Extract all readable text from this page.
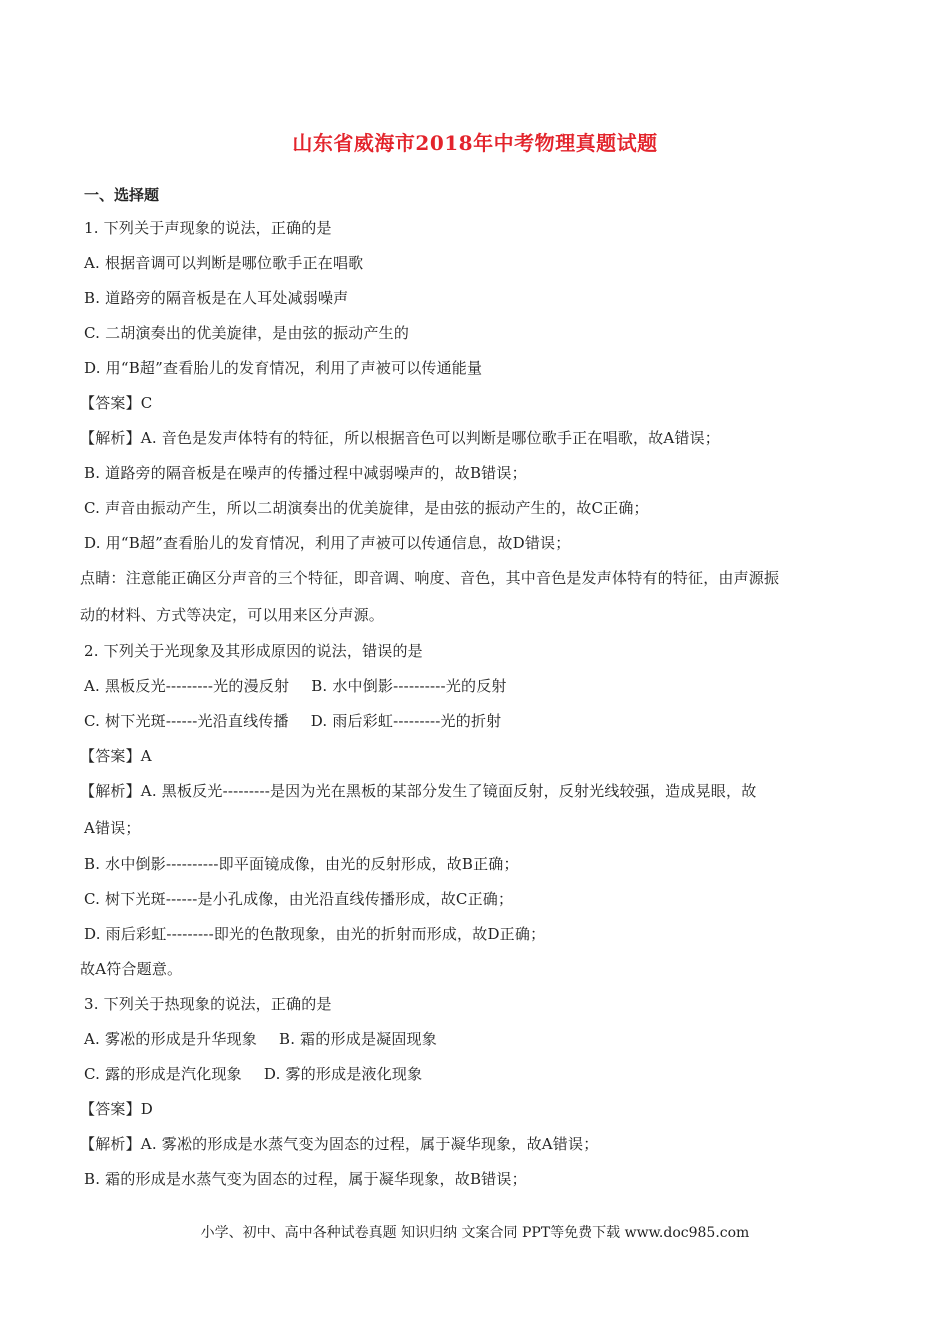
山东省威海市2018年中考物理真题试题
一、选择题
1. 下列关于声现象的说法，正确的是
A. 根据音调可以判断是哪位歌手正在唱歌
B. 道路旁的隔音板是在人耳处减弱噪声
C. 二胡演奏出的优美旋律，是由弦的振动产生的
D. 用“B超”查看胎儿的发育情况，利用了声被可以传通能量
【答案】C
【解析】A. 音色是发声体特有的特征，所以根据音色可以判断是哪位歌手正在唱歌，故A错误；
B. 道路旁的隔音板是在噪声的传播过程中减弱噪声的，故B错误；
C. 声音由振动产生，所以二胡演奏出的优美旋律，是由弦的振动产生的，故C正确；
D. 用“B超”查看胎儿的发育情况，利用了声被可以传通信息，故D错误；
点睛：注意能正确区分声音的三个特征，即音调、响度、音色，其中音色是发声体特有的特征，由声源振
动的材料、方式等决定，可以用来区分声源。
2. 下列关于光现象及其形成原因的说法，错误的是
A. 黑板反光---------光的漫反射 B. 水中倒影----------光的反射
C. 树下光斑------光沿直线传播 D. 雨后彩虹---------光的折射
【答案】A
【解析】A. 黑板反光---------是因为光在黑板的某部分发生了镜面反射，反射光线较强，造成晃眼，故
A错误；
B. 水中倒影----------即平面镜成像，由光的反射形成，故B正确；
C. 树下光斑------是小孔成像，由光沿直线传播形成，故C正确；
D. 雨后彩虹---------即光的色散现象，由光的折射而形成，故D正确；
故A符合题意。
3. 下列关于热现象的说法，正确的是
A. 雾凇的形成是升华现象 B. 霜的形成是凝固现象
C. 露的形成是汽化现象 D. 雾的形成是液化现象
【答案】D
【解析】A. 雾凇的形成是水蒸气变为固态的过程，属于凝华现象，故A错误；
B. 霜的形成是水蒸气变为固态的过程，属于凝华现象，故B错误；
小学、初中、高中各种试卷真题 知识归纳 文案合同 PPT等免费下载 www.doc985.com
